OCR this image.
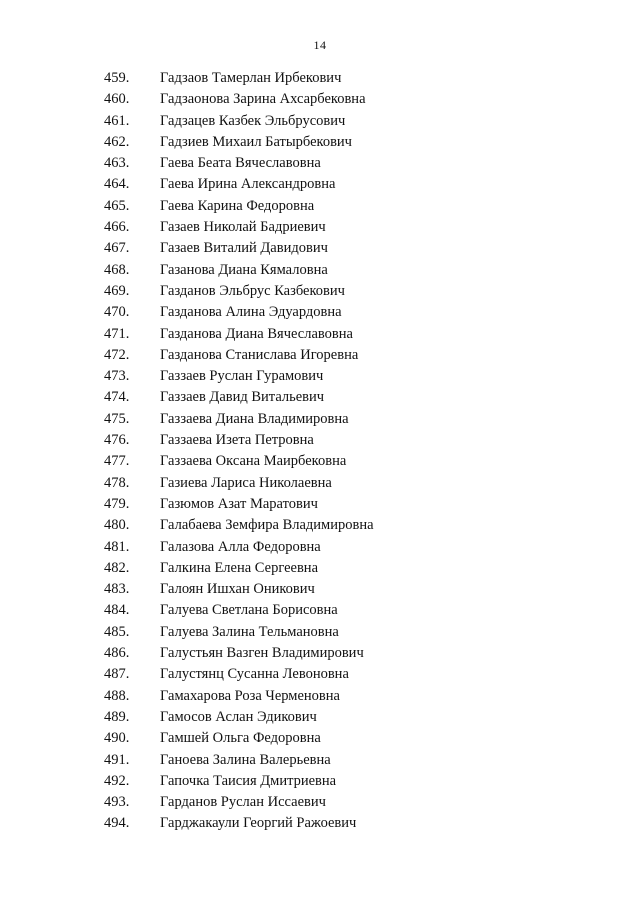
14
459.	Гадзаов Тамерлан Ирбекович
460.	Гадзаонова Зарина Ахсарбековна
461.	Гадзацев Казбек Эльбрусович
462.	Гадзиев Михаил Батырбекович
463.	Гаева Беата Вячеславовна
464.	Гаева Ирина Александровна
465.	Гаева Карина Федоровна
466.	Газаев Николай Бадриевич
467.	Газаев Виталий Давидович
468.	Газанова Диана Кямаловна
469.	Газданов Эльбрус Казбекович
470.	Газданова Алина Эдуардовна
471.	Газданова Диана Вячеславовна
472.	Газданова Станислава Игоревна
473.	Газзаев Руслан Гурамович
474.	Газзаев Давид Витальевич
475.	Газзаева Диана Владимировна
476.	Газзаева Изета Петровна
477.	Газзаева Оксана Маирбековна
478.	Газиева Лариса Николаевна
479.	Газюмов Азат Маратович
480.	Галабаева Земфира Владимировна
481.	Галазова Алла Федоровна
482.	Галкина Елена Сергеевна
483.	Галоян Ишхан Оникович
484.	Галуева Светлана Борисовна
485.	Галуева Залина Тельмановна
486.	Галустьян Вазген Владимирович
487.	Галустянц Сусанна Левоновна
488.	Гамахарова Роза Черменовна
489.	Гамосов Аслан Эдикович
490.	Гамшей Ольга Федоровна
491.	Ганоева Залина Валерьевна
492.	Гапочка Таисия Дмитриевна
493.	Гарданов Руслан Иссаевич
494.	Гарджакаули Георгий Ражоевич
